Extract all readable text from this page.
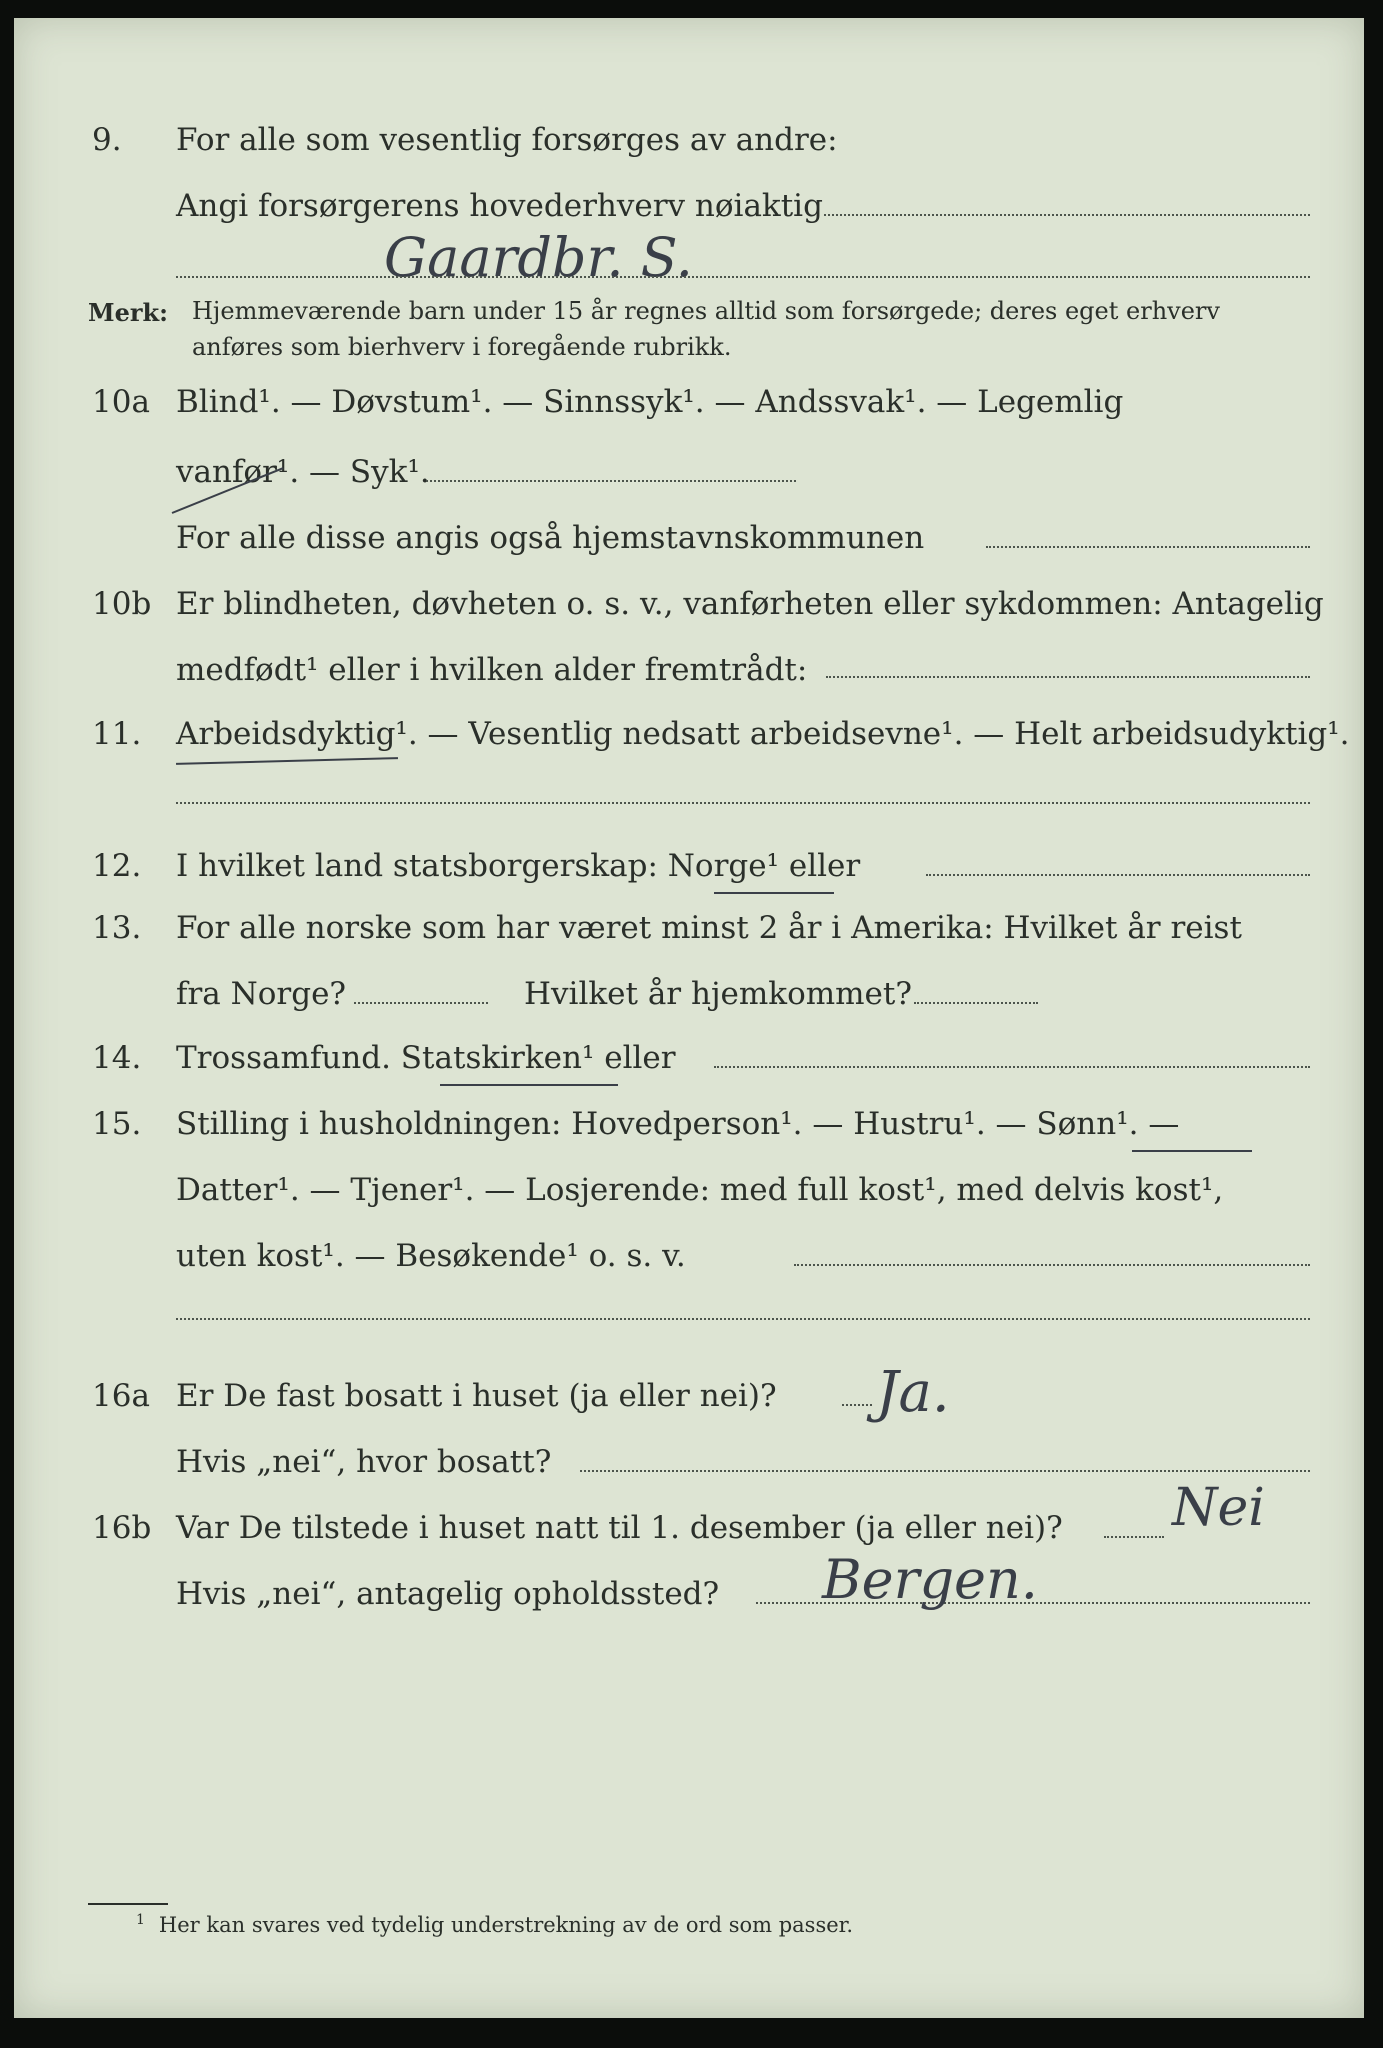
9. For alle som vesentlig forsørges av andre:
Angi forsørgerens hovederhverv nøiaktig
Gaardbr. S.
Merk: Hjemmeværende barn under 15 år regnes alltid som forsørgede; deres eget erhverv
anføres som bierhverv i foregående rubrikk.
10a Blind¹. — Døvstum¹. — Sinnssyk¹. — Andssvak¹. — Legemlig
vanfør¹. — Syk¹.
For alle disse angis også hjemstavnskommunen
10b Er blindheten, døvheten o. s. v., vanførheten eller sykdommen: Antagelig
medfødt¹ eller i hvilken alder fremtrådt:
11. Arbeidsdyktig¹. — Vesentlig nedsatt arbeidsevne¹. — Helt arbeidsudyktig¹.
12. I hvilket land statsborgerskap: Norge¹ eller
13. For alle norske som har været minst 2 år i Amerika: Hvilket år reist
fra Norge?	Hvilket år hjemkommet?
14. Trossamfund. Statskirken¹ eller
15. Stilling i husholdningen: Hovedperson¹. — Hustru¹. — Sønn¹. —
Datter¹. — Tjener¹. — Losjerende: med full kost¹, med delvis kost¹,
uten kost¹. — Besøkende¹ o. s. v.
16a Er De fast bosatt i huset (ja eller nei)? Ja.
Hvis „nei“, hvor bosatt?
16b Var De tilstede i huset natt til 1. desember (ja eller nei)? Nei
Hvis „nei“, antagelig opholdssted? Bergen.
$^1$ Her kan svares ved tydelig understrekning av de ord som passer.
